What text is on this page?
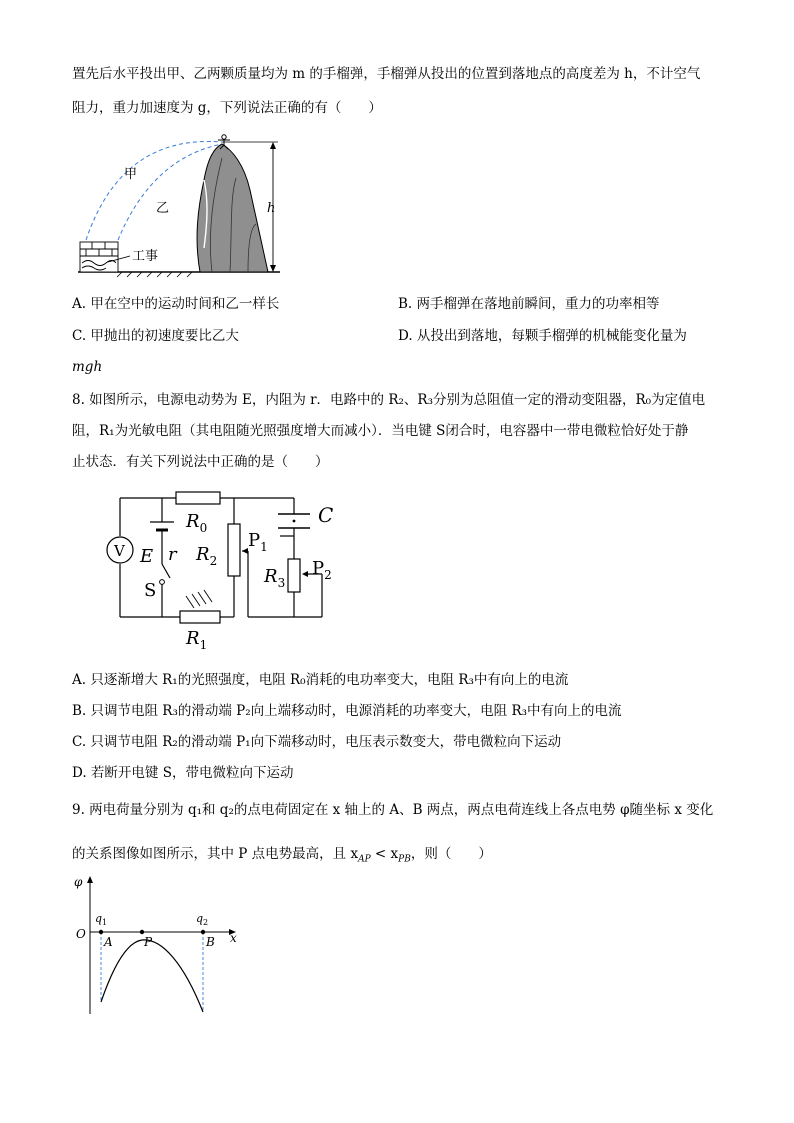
置先后水平投出甲、乙两颗质量均为 m 的手榴弹，手榴弹从投出的位置到落地点的高度差为 h，不计空气
阻力，重力加速度为 g，下列说法正确的有（　　）
工事
甲
乙	h
A. 甲在空中的运动时间和乙一样长	B. 两手榴弹在落地前瞬间，重力的功率相等
C. 甲抛出的初速度要比乙大	D. 从投出到落地，每颗手榴弹的机械能变化量为
mgh
8. 如图所示，电源电动势为 E，内阻为 r．电路中的 R₂、R₃分别为总阻值一定的滑动变阻器，R₀为定值电
阻，R₁为光敏电阻（其电阻随光照强度增大而减小）．当电键 S闭合时，电容器中一带电微粒恰好处于静
止状态．有关下列说法中正确的是（　　）
V
$R_0$
E r
S
$R_1$
$R_2$
$P_1$
C
$R_3$
$P_2$
A. 只逐渐增大 R₁的光照强度，电阻 R₀消耗的电功率变大，电阻 R₃中有向上的电流
B. 只调节电阻 R₃的滑动端 P₂向上端移动时，电源消耗的功率变大，电阻 R₃中有向上的电流
C. 只调节电阻 R₂的滑动端 P₁向下端移动时，电压表示数变大，带电微粒向下运动
D. 若断开电键 S，带电微粒向下运动
9. 两电荷量分别为 q₁和 q₂的点电荷固定在 x 轴上的 A、B 两点，两点电荷连线上各点电势 φ随坐标 x 变化
的关系图像如图所示，其中 P 点电势最高，且 $x_{AP} < x_{PB}$，则（　　）
φ
O	x
$q_1$	$q_2$
A	P	B
